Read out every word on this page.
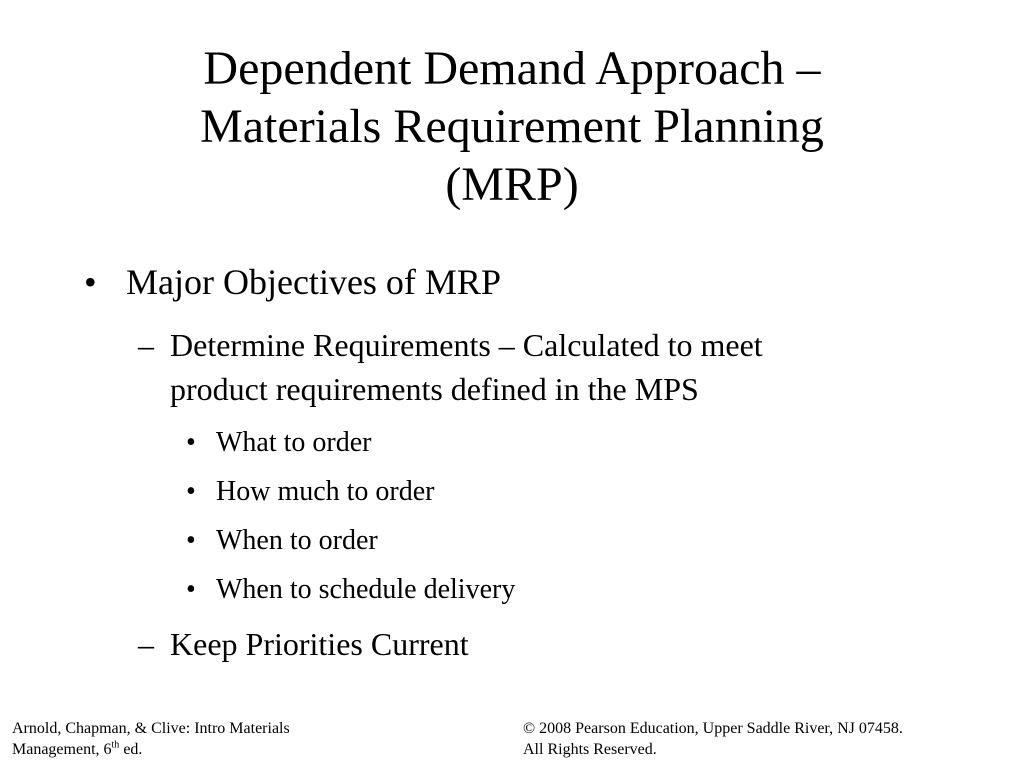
Dependent Demand Approach –
Materials Requirement Planning
(MRP)
• Major Objectives of MRP
– Determine Requirements – Calculated to meet
product requirements defined in the MPS
• What to order
• How much to order
• When to order
• When to schedule delivery
– Keep Priorities Current
Arnold, Chapman, & Clive: Intro Materials
Management, 6th ed.
© 2008 Pearson Education, Upper Saddle River, NJ 07458.
All Rights Reserved.
